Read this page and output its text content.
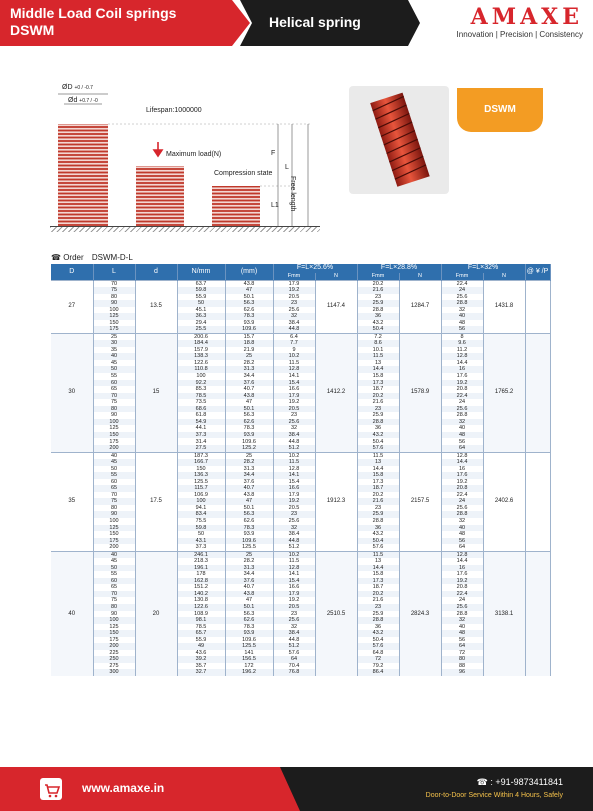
Middle Load Coil springs
DSWM	Helical spring	AMAXE
Innovation | Precision | Consistency
ØD +0 / -0.7
Ød +0.7 / -0
Lifespan:1000000
Maximum load(N)
Compression state
F
L
L1 Free length
DSWM
☎ Order DSWM-D-L
D	L	d	N/mm	(mm)	F=L×25.6%		F=L×28.8%		F=L×32%		@ ¥ /P
					Fmm	N	Fmm	N	Fmm	N	
27	70	13.5	63.7	43.8	17.9	1147.4	20.2	1284.7	22.4	1431.8	
	75		59.8	47	19.2		21.6		24		
	80		55.9	50.1	20.5		23		25.6		
	90		50	56.3	23		25.9		28.8		
	100		45.1	62.6	25.6		28.8		32		
	125		36.3	78.3	32		36		40		
	150		29.4	93.9	38.4		43.2		48		
	175		25.5	109.6	44.8		50.4		56		
30	25	15	200.6	15.7	6.4	1412.2	7.2	1578.9	8	1765.2	
	30		184.4	18.8	7.7		8.6		9.6		
	35		157.9	21.9	9		10.1		11.2		
	40		138.3	25	10.2		11.5		12.8		
	45		122.6	28.2	11.5		13		14.4		
	50		110.8	31.3	12.8		14.4		16		
	55		100	34.4	14.1		15.8		17.6		
	60		92.2	37.6	15.4		17.3		19.2		
	65		85.3	40.7	16.6		18.7		20.8		
	70		78.5	43.8	17.9		20.2		22.4		
	75		73.5	47	19.2		21.6		24		
	80		68.6	50.1	20.5		23		25.6		
	90		61.8	56.3	23		25.9		28.8		
	100		54.9	62.6	25.6		28.8		32		
	125		44.1	78.3	32		36		40		
	150		37.3	93.9	38.4		43.2		48		
	175		31.4	109.6	44.8		50.4		56		
	200		27.5	125.2	51.2		57.6		64		
35	40	17.5	187.3	25	10.2	1912.3	11.5	2157.5	12.8	2402.6	
	45		166.7	28.2	11.5		13		14.4		
	50		150	31.3	12.8		14.4		16		
	55		136.3	34.4	14.1		15.8		17.6		
	60		125.5	37.6	15.4		17.3		19.2		
	65		115.7	40.7	16.6		18.7		20.8		
	70		106.9	43.8	17.9		20.2		22.4		
	75		100	47	19.2		21.6		24		
	80		94.1	50.1	20.5		23		25.6		
	90		83.4	56.3	23		25.9		28.8		
	100		75.5	62.6	25.6		28.8		32		
	125		59.8	78.3	32		36		40		
	150		50	93.9	38.4		43.2		48		
	175		43.1	109.6	44.8		50.4		56		
	200		37.3	125.5	51.2		57.6		64		
40	40	20	246.1	25	10.2	2510.5	11.5	2824.3	12.8	3138.1	
	45		218.3	28.2	11.5		13		14.4		
	50		196.1	31.3	12.8		14.4		16		
	55		178	34.4	14.1		15.8		17.6		
	60		162.8	37.6	15.4		17.3		19.2		
	65		151.2	40.7	16.6		18.7		20.8		
	70		140.2	43.8	17.9		20.2		22.4		
	75		130.8	47	19.2		21.6		24		
	80		122.6	50.1	20.5		23		25.6		
	90		108.9	56.3	23		25.9		28.8		
	100		98.1	62.6	25.6		28.8		32		
	125		78.5	78.3	32		36		40		
	150		65.7	93.9	38.4		43.2		48		
	175		55.9	109.6	44.8		50.4		56		
	200		49	125.5	51.2		57.6		64		
	225		43.6	141	57.6		64.8		72		
	250		39.2	156.5	64		72		80		
	275		35.7	172	70.4		79.2		88		
	300		32.7	196.2	76.8		86.4		96		
www.amaxe.in	☎ : +91-9873411841
Door-to-Door Service Within 4 Hours, Safely
